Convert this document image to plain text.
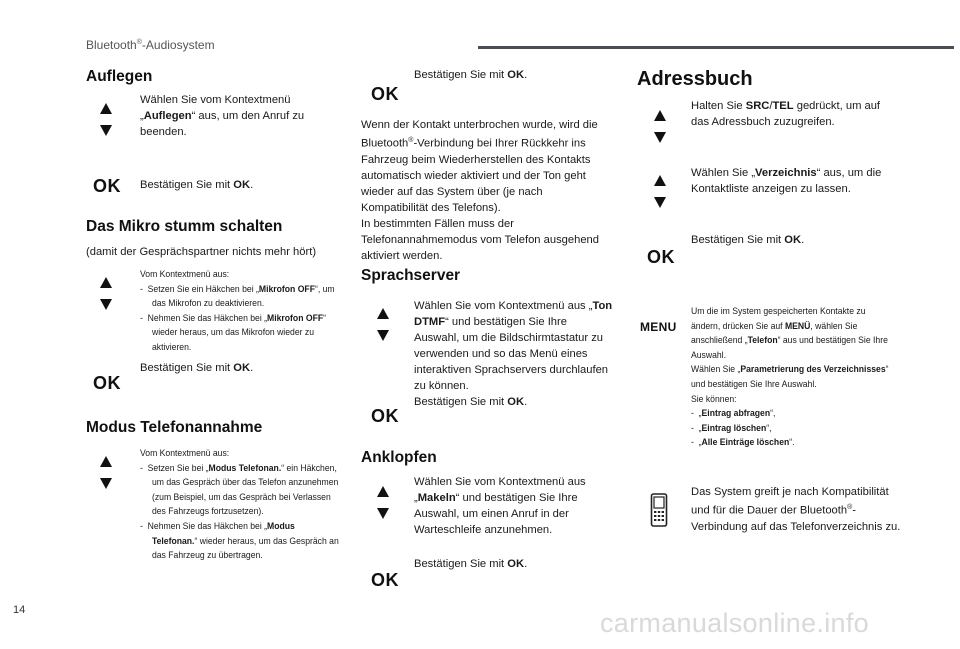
Bluetooth®-Audiosystem
Auflegen
Wählen Sie vom Kontextmenü „Auflegen“ aus, um den Anruf zu beenden.
OK Bestätigen Sie mit OK.
Das Mikro stumm schalten
(damit der Gesprächspartner nichts mehr hört)
Vom Kontextmenü aus:
-  Setzen Sie ein Häkchen bei „Mikrofon OFF“, um das Mikrofon zu deaktivieren.
-  Nehmen Sie das Häkchen bei „Mikrofon OFF“ wieder heraus, um das Mikrofon wieder zu aktivieren.
OK
Bestätigen Sie mit OK.
Modus Telefonannahme
Vom Kontextmenü aus:
-  Setzen Sie bei „Modus Telefonan.“ ein Häkchen, um das Gespräch über das Telefon anzunehmen (zum Beispiel, um das Gespräch bei Verlassen des Fahrzeugs fortzusetzen).
-  Nehmen Sie das Häkchen bei „Modus Telefonan.“ wieder heraus, um das Gespräch an das Fahrzeug zu übertragen.
OK
Bestätigen Sie mit OK.
Wenn der Kontakt unterbrochen wurde, wird die Bluetooth®-Verbindung bei Ihrer Rückkehr ins Fahrzeug beim Wiederherstellen des Kontakts automatisch wieder aktiviert und der Ton geht wieder auf das System über (je nach Kompatibilität des Telefons).
In bestimmten Fällen muss der Telefonannahmemodus vom Telefon ausgehend aktiviert werden.
Sprachserver
Wählen Sie vom Kontextmenü aus „Ton DTMF“ und bestätigen Sie Ihre Auswahl, um die Bildschirmtastatur zu verwenden und so das Menü eines interaktiven Sprachservers durchlaufen zu können.
Bestätigen Sie mit OK.
OK
Anklopfen
Wählen Sie vom Kontextmenü aus „Makeln“ und bestätigen Sie Ihre Auswahl, um einen Anruf in der Warteschleife anzunehmen.
OK
Bestätigen Sie mit OK.
Adressbuch
Halten Sie SRC/TEL gedrückt, um auf das Adressbuch zuzugreifen.
Wählen Sie „Verzeichnis“ aus, um die Kontaktliste anzeigen zu lassen.
OK
Bestätigen Sie mit OK.
MENU
Um die im System gespeicherten Kontakte zu ändern, drücken Sie auf MENÜ, wählen Sie anschließend „Telefon“ aus und bestätigen Sie Ihre Auswahl.
Wählen Sie „Parametrierung des Verzeichnisses“ und bestätigen Sie Ihre Auswahl.
Sie können:
-  „Eintrag abfragen“,
-  „Eintrag löschen“,
-  „Alle Einträge löschen“.
Das System greift je nach Kompatibilität und für die Dauer der Bluetooth®-Verbindung auf das Telefonverzeichnis zu.
14	carmanualsonline.info
